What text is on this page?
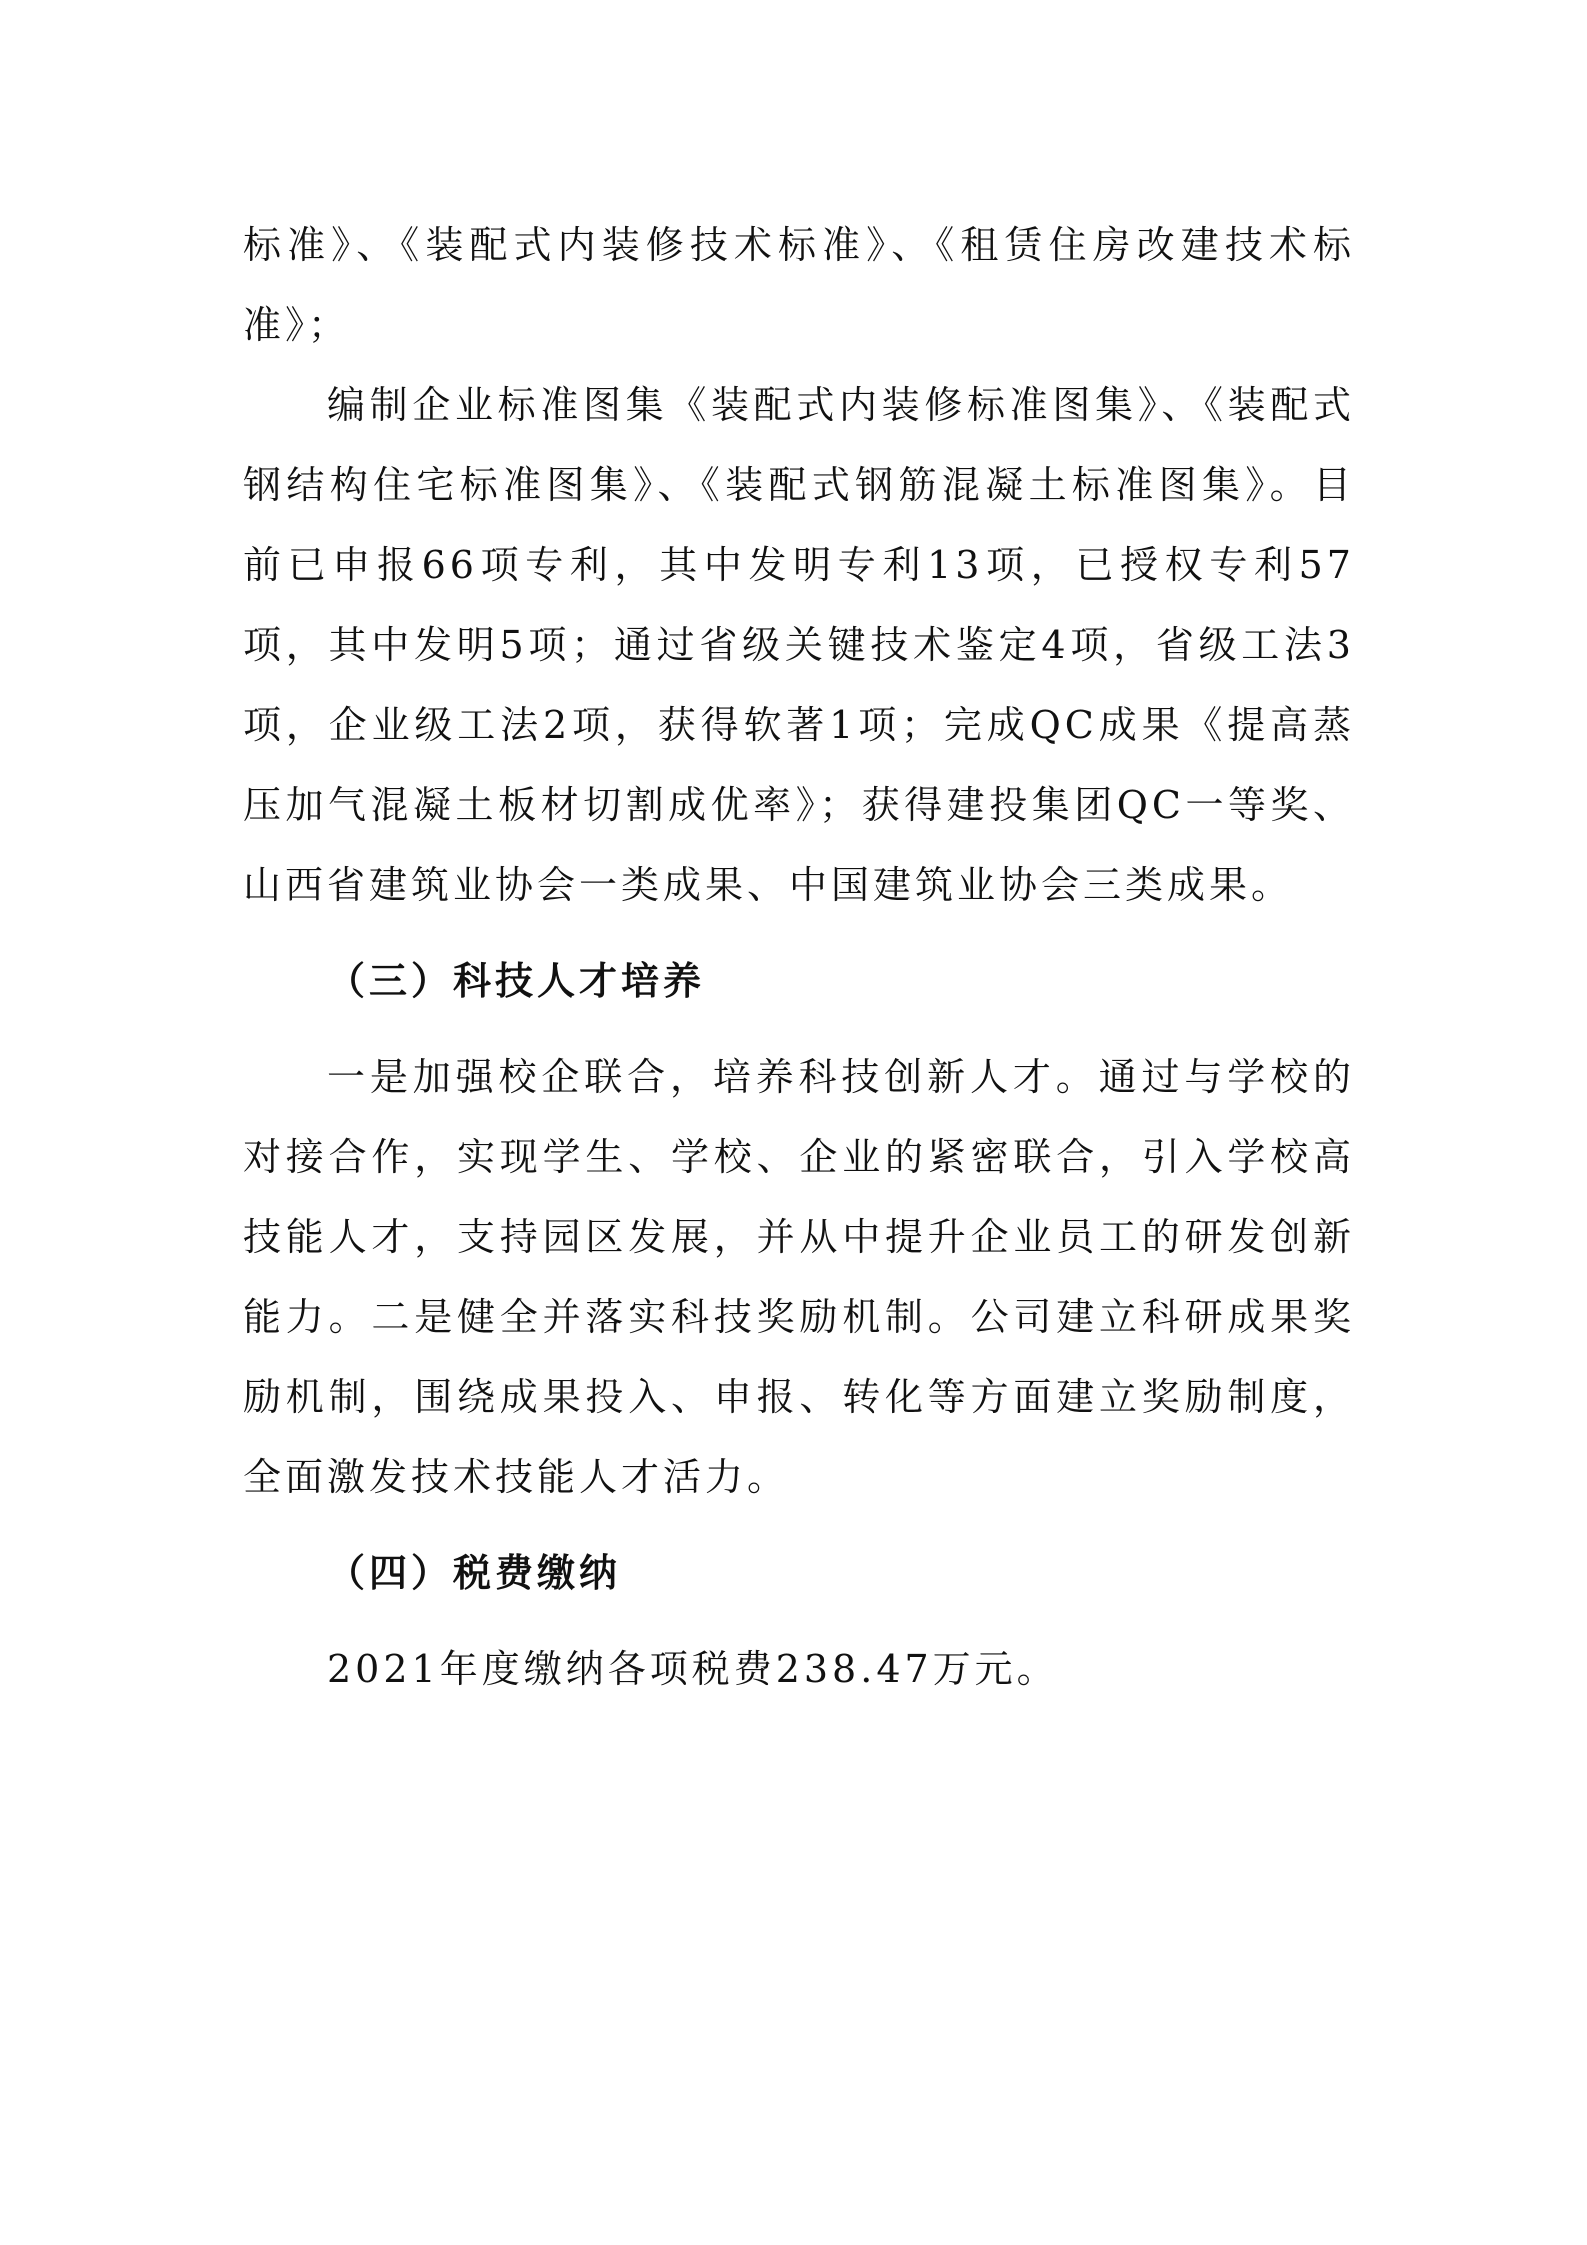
标准》、《装配式内装修技术标准》、《租赁住房改建技术标准》；

编制企业标准图集《装配式内装修标准图集》、《装配式钢结构住宅标准图集》、《装配式钢筋混凝土标准图集》。目前已申报66项专利，其中发明专利13项，已授权专利57项，其中发明5项；通过省级关键技术鉴定4项，省级工法3项，企业级工法2项，获得软著1项；完成QC成果《提高蒸压加气混凝土板材切割成优率》；获得建投集团QC一等奖、山西省建筑业协会一类成果、中国建筑业协会三类成果。

（三）科技人才培养

一是加强校企联合，培养科技创新人才。通过与学校的对接合作，实现学生、学校、企业的紧密联合，引入学校高技能人才，支持园区发展，并从中提升企业员工的研发创新能力。二是健全并落实科技奖励机制。公司建立科研成果奖励机制，围绕成果投入、申报、转化等方面建立奖励制度，全面激发技术技能人才活力。

（四）税费缴纳

2021年度缴纳各项税费238.47万元。
